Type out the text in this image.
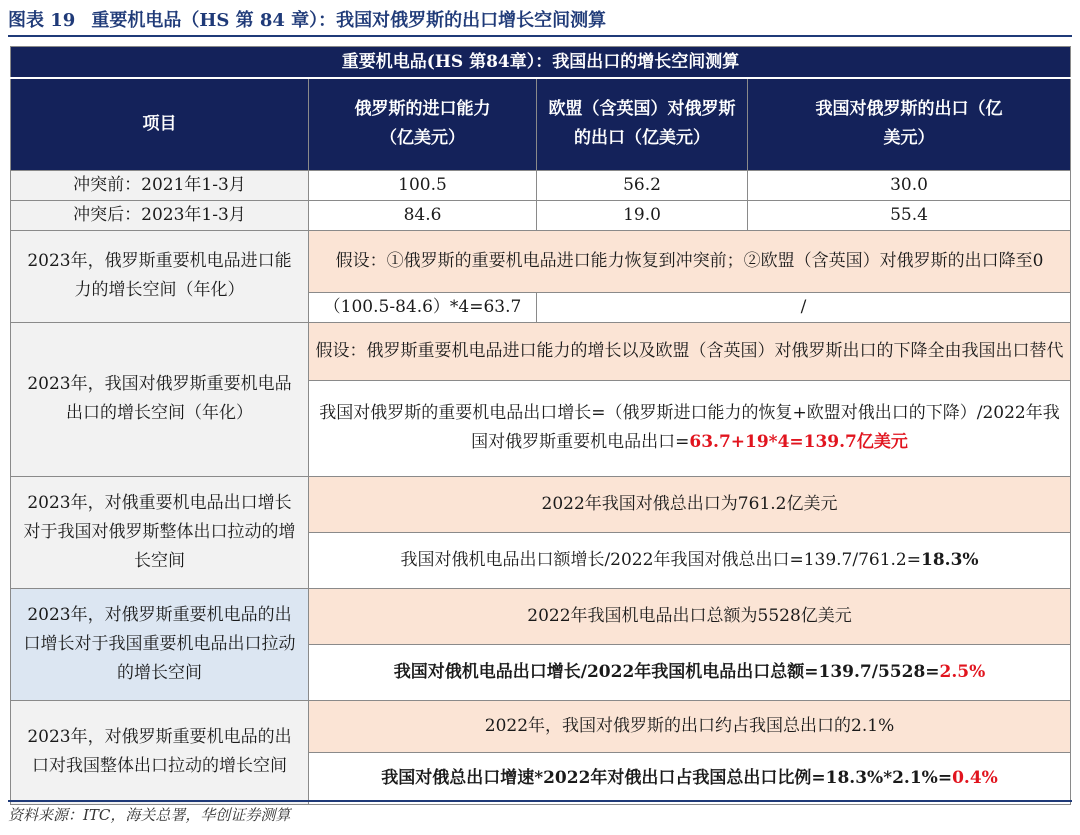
图表 19 重要机电品（HS 第 84 章）：我国对俄罗斯的出口增长空间测算
重要机电品(HS 第84章）：我国出口的增长空间测算			
项目	俄罗斯的进口能力（亿美元）	欧盟（含英国）对俄罗斯的出口（亿美元）	我国对俄罗斯的出口（亿美元）
冲突前：2021年1-3月	100.5	56.2	30.0
冲突后：2023年1-3月	84.6	19.0	55.4
2023年，俄罗斯重要机电品进口能力的增长空间（年化）	假设：①俄罗斯的重要机电品进口能力恢复到冲突前；②欧盟（含英国）对俄罗斯的出口降至0		
	（100.5-84.6）*4=63.7	/	
2023年，我国对俄罗斯重要机电品出口的增长空间（年化）	假设：俄罗斯重要机电品进口能力的增长以及欧盟（含英国）对俄罗斯出口的下降全由我国出口替代		
	我国对俄罗斯的重要机电品出口增长=（俄罗斯进口能力的恢复+欧盟对俄出口的下降）/2022年我国对俄罗斯重要机电品出口=63.7+19*4=139.7亿美元		
2023年，对俄重要机电品出口增长对于我国对俄罗斯整体出口拉动的增长空间	2022年我国对俄总出口为761.2亿美元		
	我国对俄机电品出口额增长/2022年我国对俄总出口=139.7/761.2=18.3%		
2023年，对俄罗斯重要机电品的出口增长对于我国重要机电品出口拉动的增长空间	2022年我国机电品出口总额为5528亿美元		
	我国对俄机电品出口增长/2022年我国机电品出口总额=139.7/5528=2.5%		
2023年，对俄罗斯重要机电品的出口对我国整体出口拉动的增长空间	2022年，我国对俄罗斯的出口约占我国总出口的2.1%		
	我国对俄总出口增速*2022年对俄出口占我国总出口比例=18.3%*2.1%=0.4%		
资料来源：ITC，海关总署，华创证券测算
